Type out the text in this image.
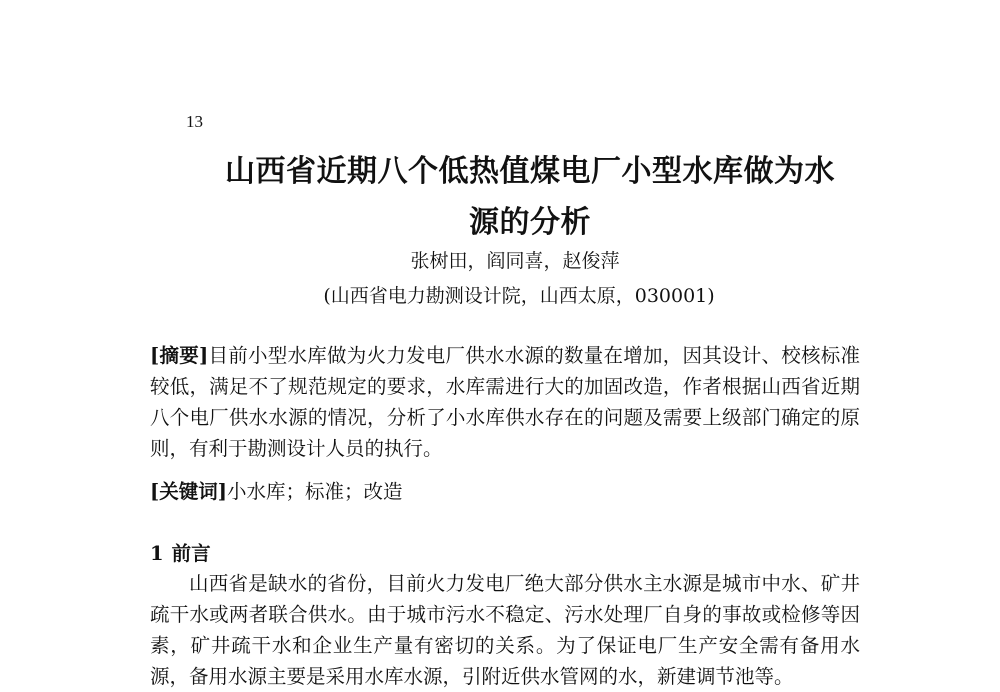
13
山西省近期八个低热值煤电厂小型水库做为水
源的分析
张树田，阎同喜，赵俊萍
(山西省电力勘测设计院，山西太原，030001)
[摘要]目前小型水库做为火力发电厂供水水源的数量在增加，因其设计、校核标准较低，满足不了规范规定的要求，水库需进行大的加固改造，作者根据山西省近期八个电厂供水水源的情况，分析了小水库供水存在的问题及需要上级部门确定的原则，有利于勘测设计人员的执行。
[关键词]小水库；标准；改造
1 前言
山西省是缺水的省份，目前火力发电厂绝大部分供水主水源是城市中水、矿井疏干水或两者联合供水。由于城市污水不稳定、污水处理厂自身的事故或检修等因素，矿井疏干水和企业生产量有密切的关系。为了保证电厂生产安全需有备用水源，备用水源主要是采用水库水源，引附近供水管网的水，新建调节池等。
